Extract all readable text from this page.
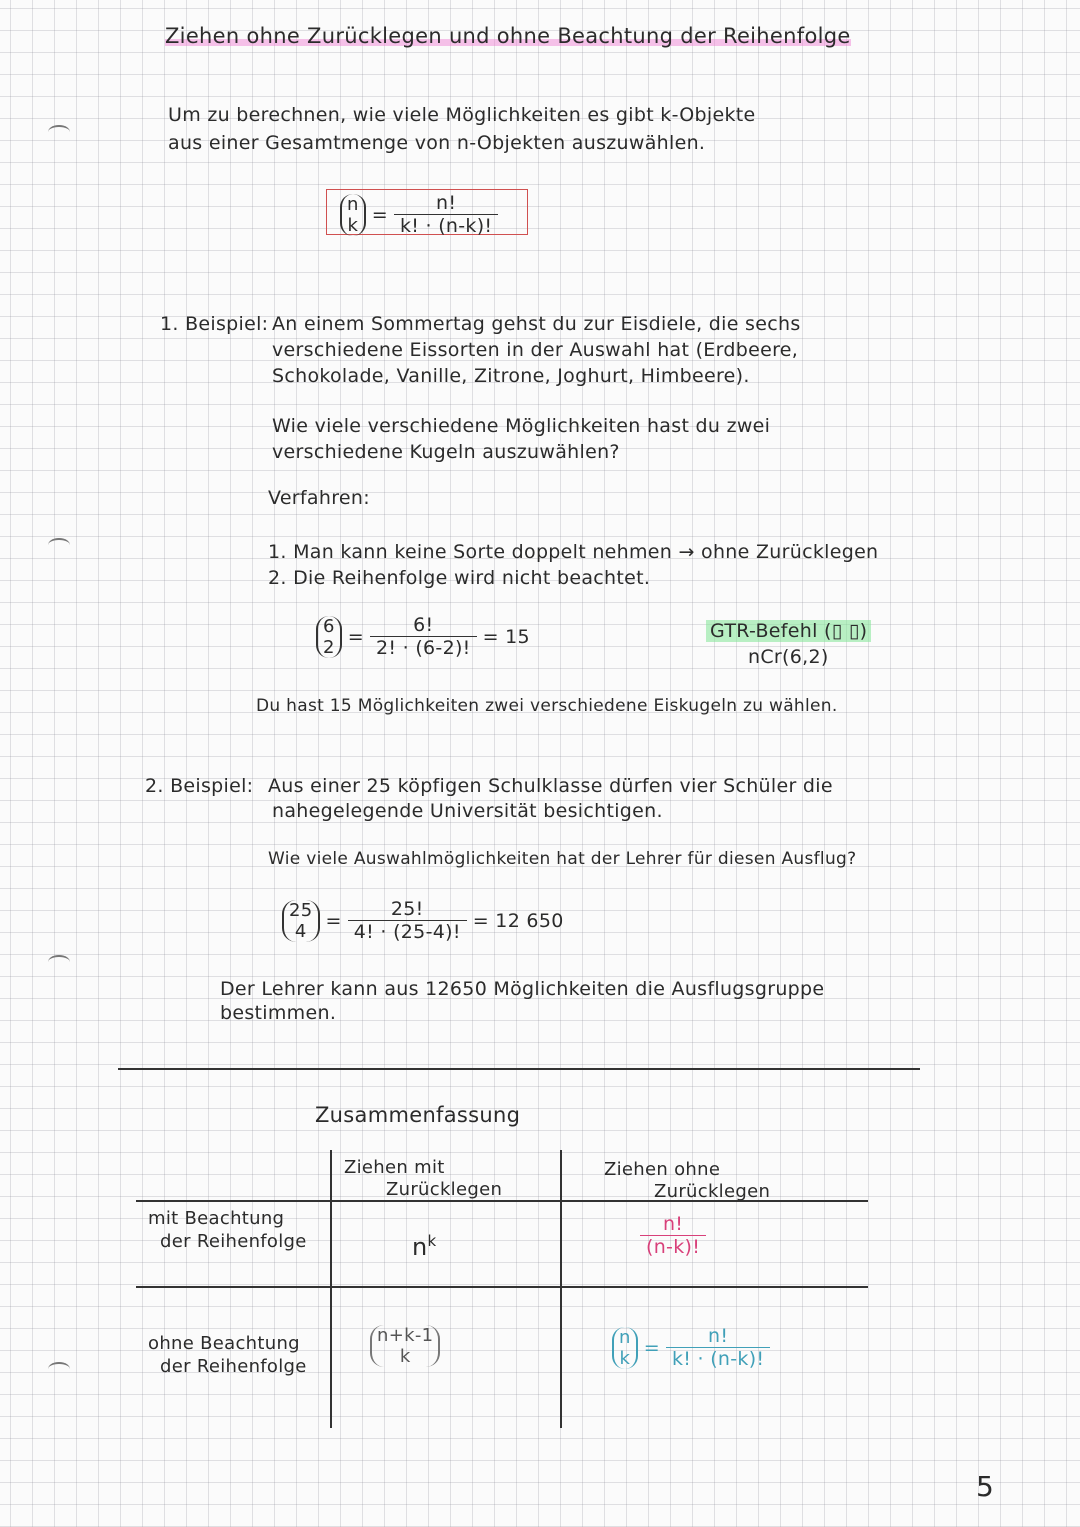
Ziehen ohne Zurücklegen und ohne Beachtung der Reihenfolge
Um zu berechnen, wie viele Möglichkeiten es gibt k-Objekte
aus einer Gesamtmenge von n-Objekten auszuwählen.
n
$k = \frac{n!}{k! \cdot (n-k)!}$
1. Beispiel: An einem Sommertag gehst du zur Eisdiele, die sechs
verschiedene Eissorten in der Auswahl hat (Erdbeere,
Schokolade, Vanille, Zitrone, Joghurt, Himbeere).
Wie viele verschiedene Möglichkeiten hast du zwei
verschiedene Kugeln auszuwählen?
Verfahren:
1. Man kann keine Sorte doppelt nehmen → ohne Zurücklegen
2. Die Reihenfolge wird nicht beachtet.
6
$2 = \frac{6!}{2! \cdot (6-2)!} = 15$	GTR-Befehl (▯ ▯)
nCr(6,2)
Du hast 15 Möglichkeiten zwei verschiedene Eiskugeln zu wählen.
2. Beispiel: Aus einer 25 köpfigen Schulklasse dürfen vier Schüler die
nahegelegende Universität besichtigen.
Wie viele Auswahlmöglichkeiten hat der Lehrer für diesen Ausflug?
25
$4 = \frac{25!}{4! \cdot (25-4)!} = 12$ 650
Der Lehrer kann aus 12650 Möglichkeiten die Ausflugsgruppe
bestimmen.
Zusammenfassung
Ziehen mit
Zurücklegen
Ziehen ohne
Zurücklegen
mit Beachtung
der Reihenfolge
ohne Beachtung
der Reihenfolge
$n^k$	$\frac{n!}{(n-k)!}$
n+k-1
k
n
$k = \frac{n!}{k! \cdot (n-k)!}$
5
